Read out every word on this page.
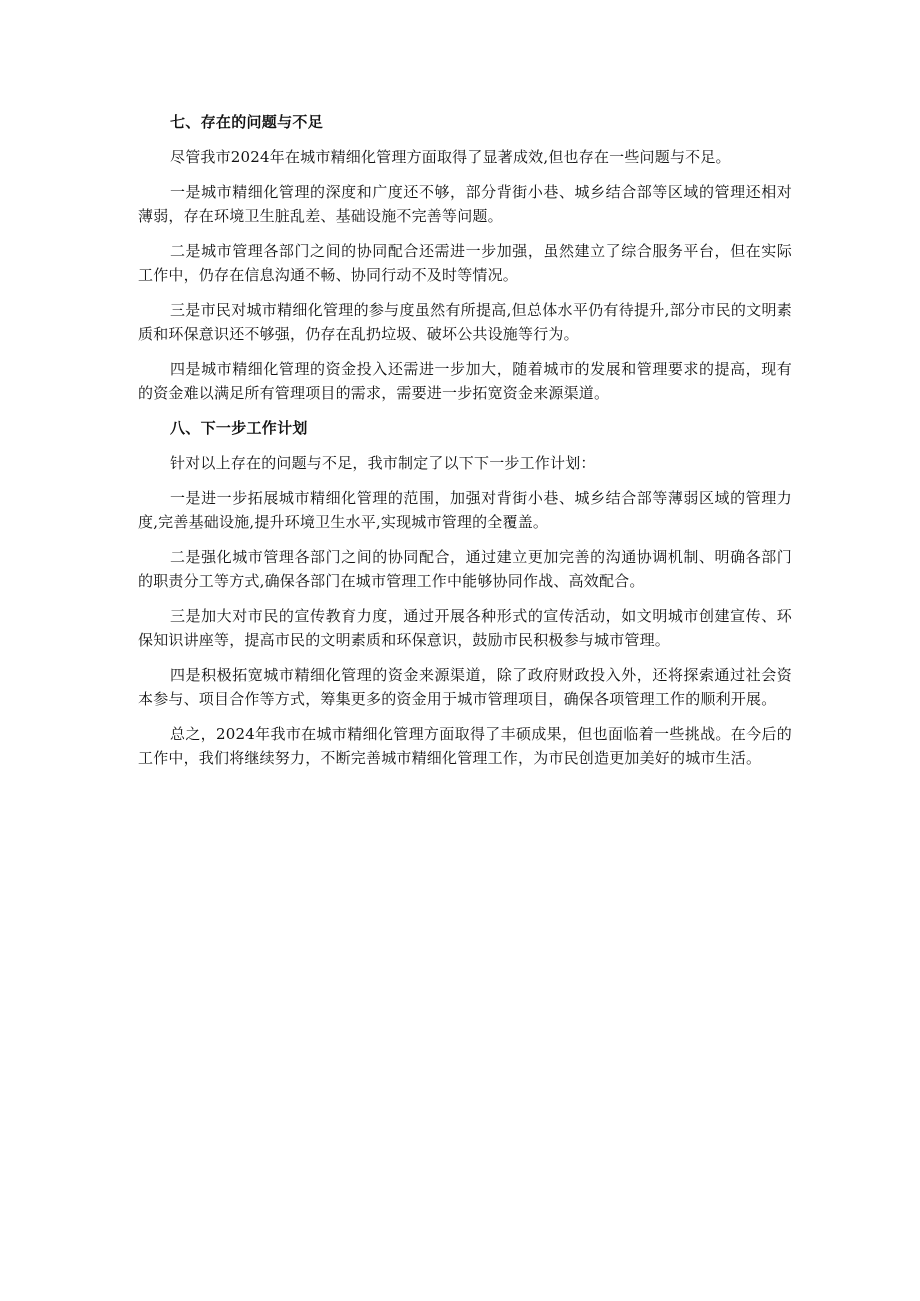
七、存在的问题与不足

尽管我市2024年在城市精细化管理方面取得了显著成效,但也存在一些问题与不足。

一是城市精细化管理的深度和广度还不够，部分背街小巷、城乡结合部等区域的管理还相对薄弱，存在环境卫生脏乱差、基础设施不完善等问题。

二是城市管理各部门之间的协同配合还需进一步加强，虽然建立了综合服务平台，但在实际工作中，仍存在信息沟通不畅、协同行动不及时等情况。

三是市民对城市精细化管理的参与度虽然有所提高,但总体水平仍有待提升,部分市民的文明素质和环保意识还不够强，仍存在乱扔垃圾、破坏公共设施等行为。

四是城市精细化管理的资金投入还需进一步加大，随着城市的发展和管理要求的提高，现有的资金难以满足所有管理项目的需求，需要进一步拓宽资金来源渠道。

八、下一步工作计划

针对以上存在的问题与不足，我市制定了以下下一步工作计划：

一是进一步拓展城市精细化管理的范围，加强对背街小巷、城乡结合部等薄弱区域的管理力度,完善基础设施,提升环境卫生水平,实现城市管理的全覆盖。

二是强化城市管理各部门之间的协同配合，通过建立更加完善的沟通协调机制、明确各部门的职责分工等方式,确保各部门在城市管理工作中能够协同作战、高效配合。

三是加大对市民的宣传教育力度，通过开展各种形式的宣传活动，如文明城市创建宣传、环保知识讲座等，提高市民的文明素质和环保意识，鼓励市民积极参与城市管理。

四是积极拓宽城市精细化管理的资金来源渠道，除了政府财政投入外，还将探索通过社会资本参与、项目合作等方式，筹集更多的资金用于城市管理项目，确保各项管理工作的顺利开展。

总之，2024年我市在城市精细化管理方面取得了丰硕成果，但也面临着一些挑战。在今后的工作中，我们将继续努力，不断完善城市精细化管理工作，为市民创造更加美好的城市生活。
